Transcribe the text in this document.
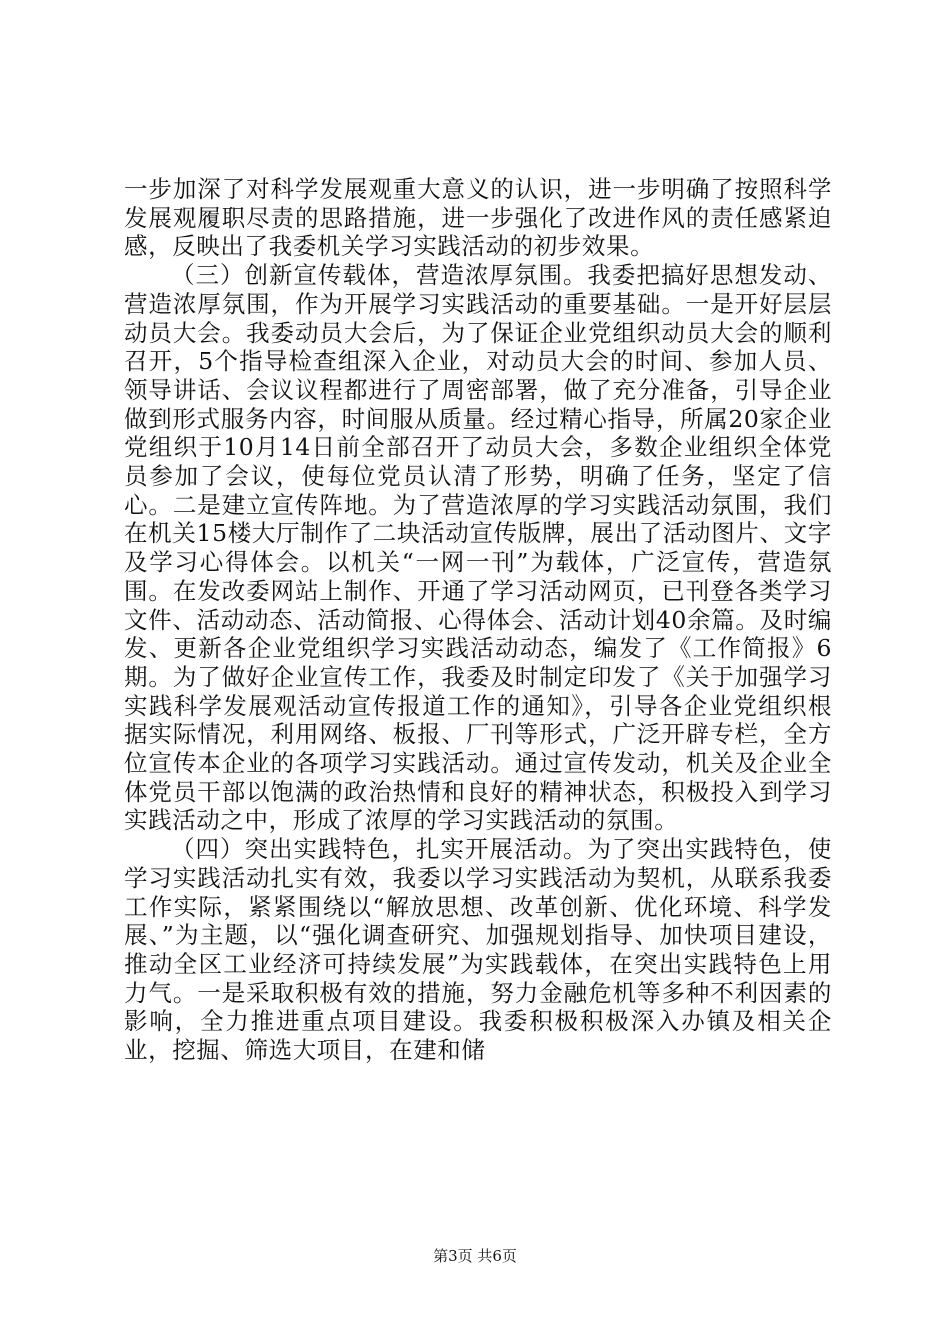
一步加深了对科学发展观重大意义的认识，进一步明确了按照科学发展观履职尽责的思路措施，进一步强化了改进作风的责任感紧迫感，反映出了我委机关学习实践活动的初步效果。

（三）创新宣传载体，营造浓厚氛围。我委把搞好思想发动、营造浓厚氛围，作为开展学习实践活动的重要基础。一是开好层层动员大会。我委动员大会后，为了保证企业党组织动员大会的顺利召开，5个指导检查组深入企业，对动员大会的时间、参加人员、领导讲话、会议议程都进行了周密部署，做了充分准备，引导企业做到形式服务内容，时间服从质量。经过精心指导，所属20家企业党组织于10月14日前全部召开了动员大会，多数企业组织全体党员参加了会议，使每位党员认清了形势，明确了任务，坚定了信心。二是建立宣传阵地。为了营造浓厚的学习实践活动氛围，我们在机关15楼大厅制作了二块活动宣传版牌，展出了活动图片、文字及学习心得体会。以机关“一网一刊”为载体，广泛宣传，营造氛围。在发改委网站上制作、开通了学习活动网页，已刊登各类学习文件、活动动态、活动简报、心得体会、活动计划40余篇。及时编发、更新各企业党组织学习实践活动动态，编发了《工作简报》6期。为了做好企业宣传工作，我委及时制定印发了《关于加强学习实践科学发展观活动宣传报道工作的通知》，引导各企业党组织根据实际情况，利用网络、板报、厂刊等形式，广泛开辟专栏，全方位宣传本企业的各项学习实践活动。通过宣传发动，机关及企业全体党员干部以饱满的政治热情和良好的精神状态，积极投入到学习实践活动之中，形成了浓厚的学习实践活动的氛围。

（四）突出实践特色，扎实开展活动。为了突出实践特色，使学习实践活动扎实有效，我委以学习实践活动为契机，从联系我委工作实际，紧紧围绕以“解放思想、改革创新、优化环境、科学发展、”为主题，以“强化调查研究、加强规划指导、加快项目建设，推动全区工业经济可持续发展”为实践载体，在突出实践特色上用力气。一是采取积极有效的措施，努力金融危机等多种不利因素的影响，全力推进重点项目建设。我委积极积极深入办镇及相关企业，挖掘、筛选大项目，在建和储

第3页 共6页
